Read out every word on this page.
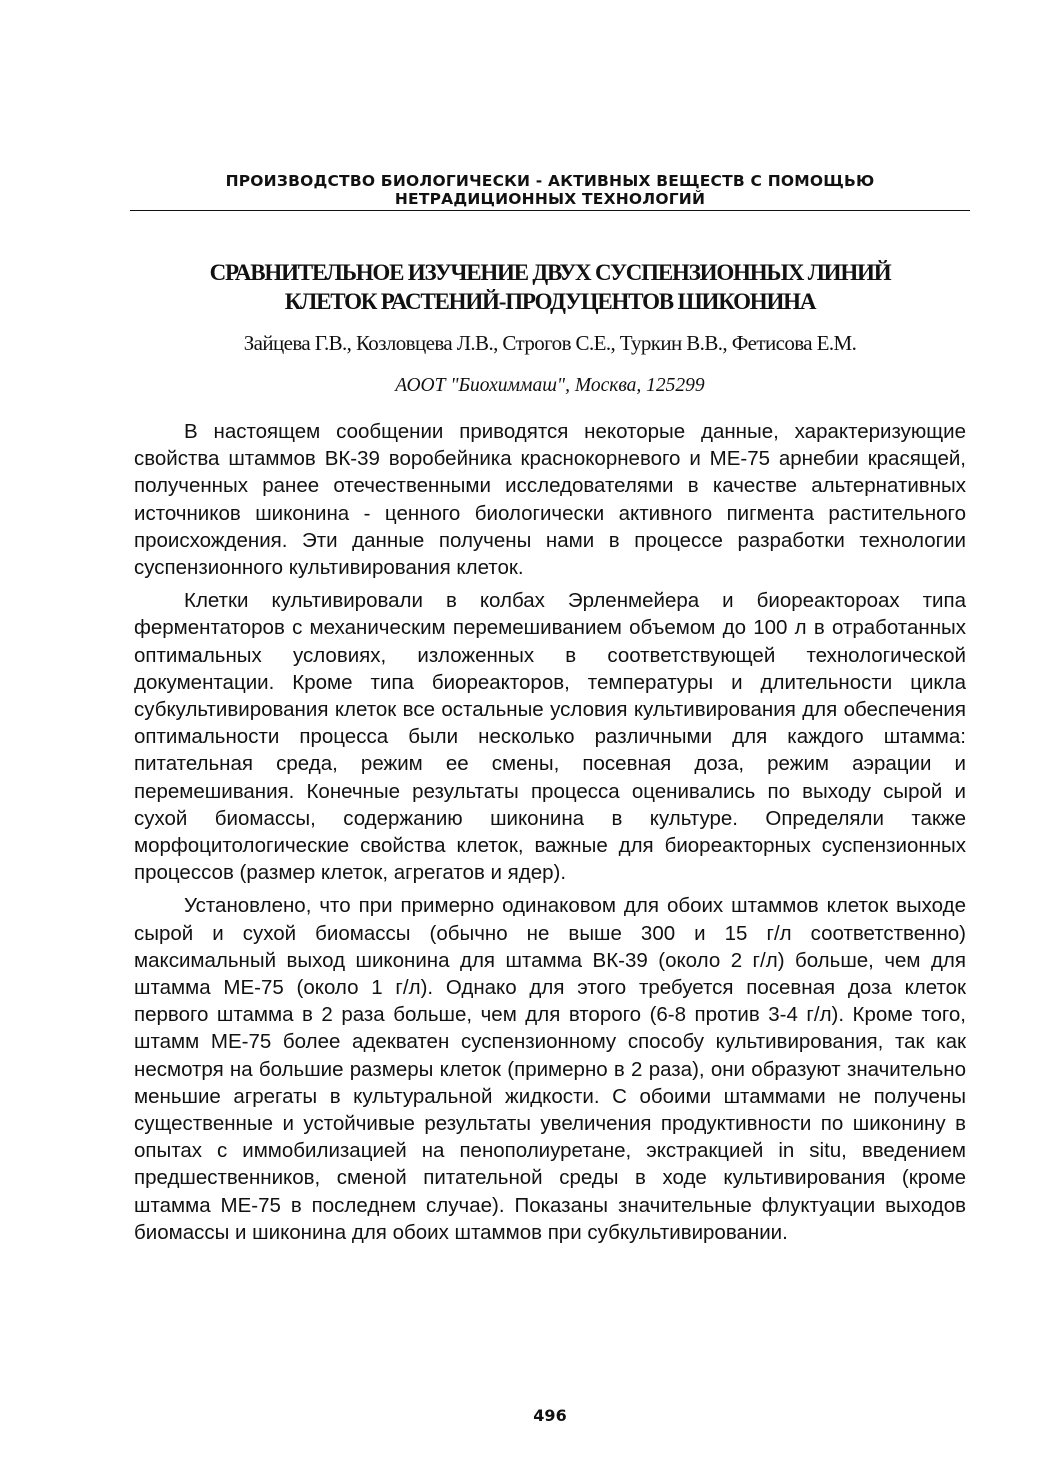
ПРОИЗВОДСТВО БИОЛОГИЧЕСКИ - АКТИВНЫХ ВЕЩЕСТВ С ПОМОЩЬЮ
НЕТРАДИЦИОННЫХ ТЕХНОЛОГИЙ
СРАВНИТЕЛЬНОЕ ИЗУЧЕНИЕ ДВУХ СУСПЕНЗИОННЫХ ЛИНИЙ
КЛЕТОК РАСТЕНИЙ-ПРОДУЦЕНТОВ ШИКОНИНА
Зайцева Г.В., Козловцева Л.В., Строгов С.Е., Туркин В.В., Фетисова Е.М.
АООТ "Биохиммаш", Москва, 125299

В настоящем сообщении приводятся некоторые данные, характеризующие свойства штаммов ВК-39 воробейника краснокорневого и МЕ-75 арнебии красящей, полученных ранее отечественными исследователями в качестве альтернативных источников шиконина - ценного биологически активного пигмента растительного происхождения. Эти данные получены нами в процессе разработки технологии суспензионного культивирования клеток.

Клетки культивировали в колбах Эрленмейера и биореактороах типа ферментаторов с механическим перемешиванием объемом до 100 л в отработанных оптимальных условиях, изложенных в соответствующей технологической документации. Кроме типа биореакторов, температуры и длительности цикла субкультивирования клеток все остальные условия культивирования для обеспечения оптимальности процесса были несколько различными для каждого штамма: питательная среда, режим ее смены, посевная доза, режим аэрации и перемешивания. Конечные результаты процесса оценивались по выходу сырой и сухой биомассы, содержанию шиконина в культуре. Определяли также морфоцитологические свойства клеток, важные для биореакторных суспензионных процессов (размер клеток, агрегатов и ядер).

Установлено, что при примерно одинаковом для обоих штаммов клеток выходе сырой и сухой биомассы (обычно не выше 300 и 15 г/л соответственно) максимальный выход шиконина для штамма ВК-39 (около 2 г/л) больше, чем для штамма МЕ-75 (около 1 г/л). Однако для этого требуется посевная доза клеток первого штамма в 2 раза больше, чем для второго (6-8 против 3-4 г/л). Кроме того, штамм МЕ-75 более адекватен суспензионному способу культивирования, так как несмотря на большие размеры клеток (примерно в 2 раза), они образуют значительно меньшие агрегаты в культуральной жидкости. С обоими штаммами не получены существенные и устойчивые результаты увеличения продуктивности по шиконину в опытах с иммобилизацией на пенополиуретане, экстракцией in situ, введением предшественников, сменой питательной среды в ходе культивирования (кроме штамма МЕ-75 в последнем случае). Показаны значительные флуктуации выходов биомассы и шиконина для обоих штаммов при субкультивировании.

496
